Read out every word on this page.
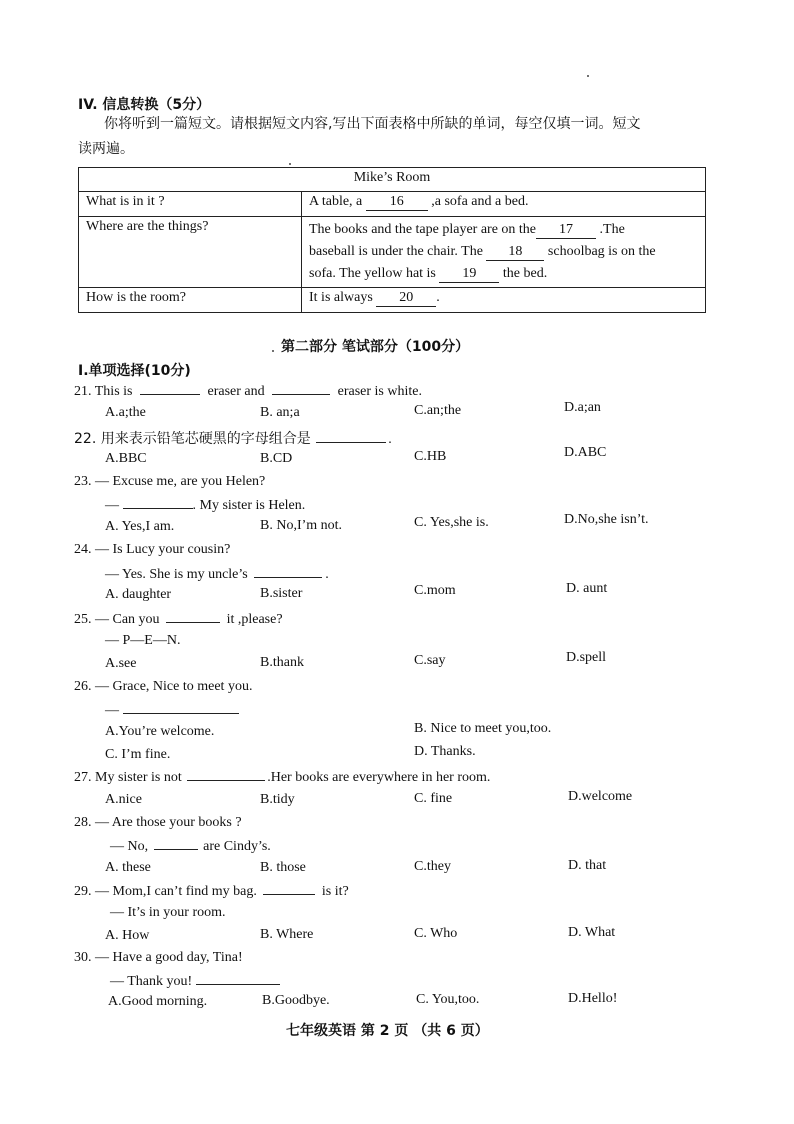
IV. 信息转换（5分）
你将听到一篇短文。请根据短文内容,写出下面表格中所缺的单词，每空仅填一词。短文
读两遍。
Mike’s Room	
What is in it ?	A table, a 16 ,a sofa and a bed.
Where are the things?	The books and the tape player are on the 17 .The
baseball is under the chair. The 18 schoolbag is on the
sofa. The yellow hat is 19 the bed.
How is the room?	It is always 20 .
第二部分 笔试部分（100分）
I.单项选择(10分)
21. This is	eraser and	eraser is white.
A.a;the	B. an;a	C.an;the	D.a;an
22. 用来表示铅笔芯硬黑的字母组合是	.
A.BBC	B.CD	C.HB	D.ABC
23. — Excuse me, are you Helen?
—	. My sister is Helen.
A. Yes,I am.	B. No,I’m not.	C. Yes,she is.	D.No,she isn’t.
24. — Is Lucy your cousin?
— Yes. She is my uncle’s	.
A. daughter	B.sister	C.mom	D. aunt
25. — Can you	it ,please?
— P—E—N.
A.see	B.thank	C.say	D.spell
26. — Grace, Nice to meet you.
—
A.You’re welcome.	B. Nice to meet you,too.
C. I’m fine.	D. Thanks.
27. My sister is not	.Her books are everywhere in her room.
A.nice	B.tidy	C. fine	D.welcome
28. — Are those your books ?
— No,	are Cindy’s.
A. these	B. those	C.they	D. that
29. — Mom,I can’t find my bag.	is it?
— It’s in your room.
A. How	B. Where	C. Who	D. What
30. — Have a good day, Tina!
— Thank you!
A.Good morning.	B.Goodbye.	C. You,too.	D.Hello!
七年级英语 第 2 页 （共 6 页）
